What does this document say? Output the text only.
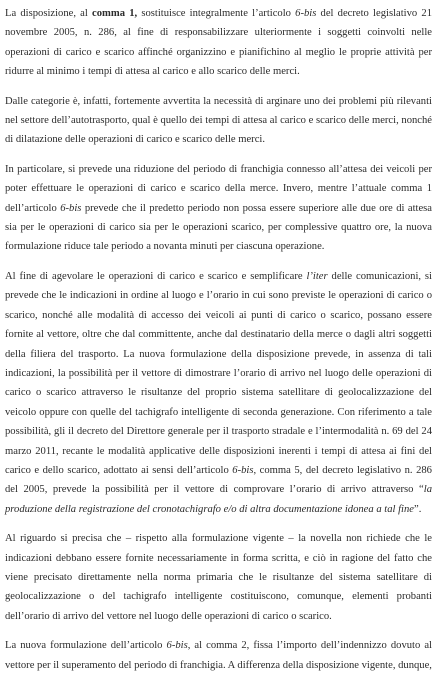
La disposizione, al comma 1, sostituisce integralmente l’articolo 6-bis del decreto legislativo 21 novembre 2005, n. 286, al fine di responsabilizzare ulteriormente i soggetti coinvolti nelle operazioni di carico e scarico affinché organizzino e pianifichino al meglio le proprie attività per ridurre al minimo i tempi di attesa al carico e allo scarico delle merci.

Dalle categorie è, infatti, fortemente avvertita la necessità di arginare uno dei problemi più rilevanti nel settore dell’autotrasporto, qual è quello dei tempi di attesa al carico e scarico delle merci, nonché di dilatazione delle operazioni di carico e scarico delle merci.

In particolare, si prevede una riduzione del periodo di franchigia connesso all’attesa dei veicoli per poter effettuare le operazioni di carico e scarico della merce. Invero, mentre l’attuale comma 1 dell’articolo 6-bis prevede che il predetto periodo non possa essere superiore alle due ore di attesa sia per le operazioni di carico sia per le operazioni scarico, per complessive quattro ore, la nuova formulazione riduce tale periodo a novanta minuti per ciascuna operazione.

Al fine di agevolare le operazioni di carico e scarico e semplificare l’iter delle comunicazioni, si prevede che le indicazioni in ordine al luogo e l’orario in cui sono previste le operazioni di carico o scarico, nonché alle modalità di accesso dei veicoli ai punti di carico o scarico, possano essere fornite al vettore, oltre che dal committente, anche dal destinatario della merce o dagli altri soggetti della filiera del trasporto. La nuova formulazione della disposizione prevede, in assenza di tali indicazioni, la possibilità per il vettore di dimostrare l’orario di arrivo nel luogo delle operazioni di carico o scarico attraverso le risultanze del proprio sistema satellitare di geolocalizzazione del veicolo oppure con quelle del tachigrafo intelligente di seconda generazione. Con riferimento a tale possibilità, gli il decreto del Direttore generale per il trasporto stradale e l’intermodalità n. 69 del 24 marzo 2011, recante le modalità applicative delle disposizioni inerenti i tempi di attesa ai fini del carico e dello scarico, adottato ai sensi dell’articolo 6-bis, comma 5, del decreto legislativo n. 286 del 2005, prevede la possibilità per il vettore di comprovare l’orario di arrivo attraverso “la produzione della registrazione del cronotachigrafo e/o di altra documentazione idonea a tal fine”.

Al riguardo si precisa che – rispetto alla formulazione vigente – la novella non richiede che le indicazioni debbano essere fornite necessariamente in forma scritta, e ciò in ragione del fatto che viene precisato direttamente nella norma primaria che le risultanze del sistema satellitare di geolocalizzazione o del tachigrafo intelligente costituiscono, comunque, elementi probanti dell’orario di arrivo del vettore nel luogo delle operazioni di carico o scarico.

La nuova formulazione dell’articolo 6-bis, al comma 2, fissa l’importo dell’indennizzo dovuto al vettore per il superamento del periodo di franchigia. A differenza della disposizione vigente, dunque,
